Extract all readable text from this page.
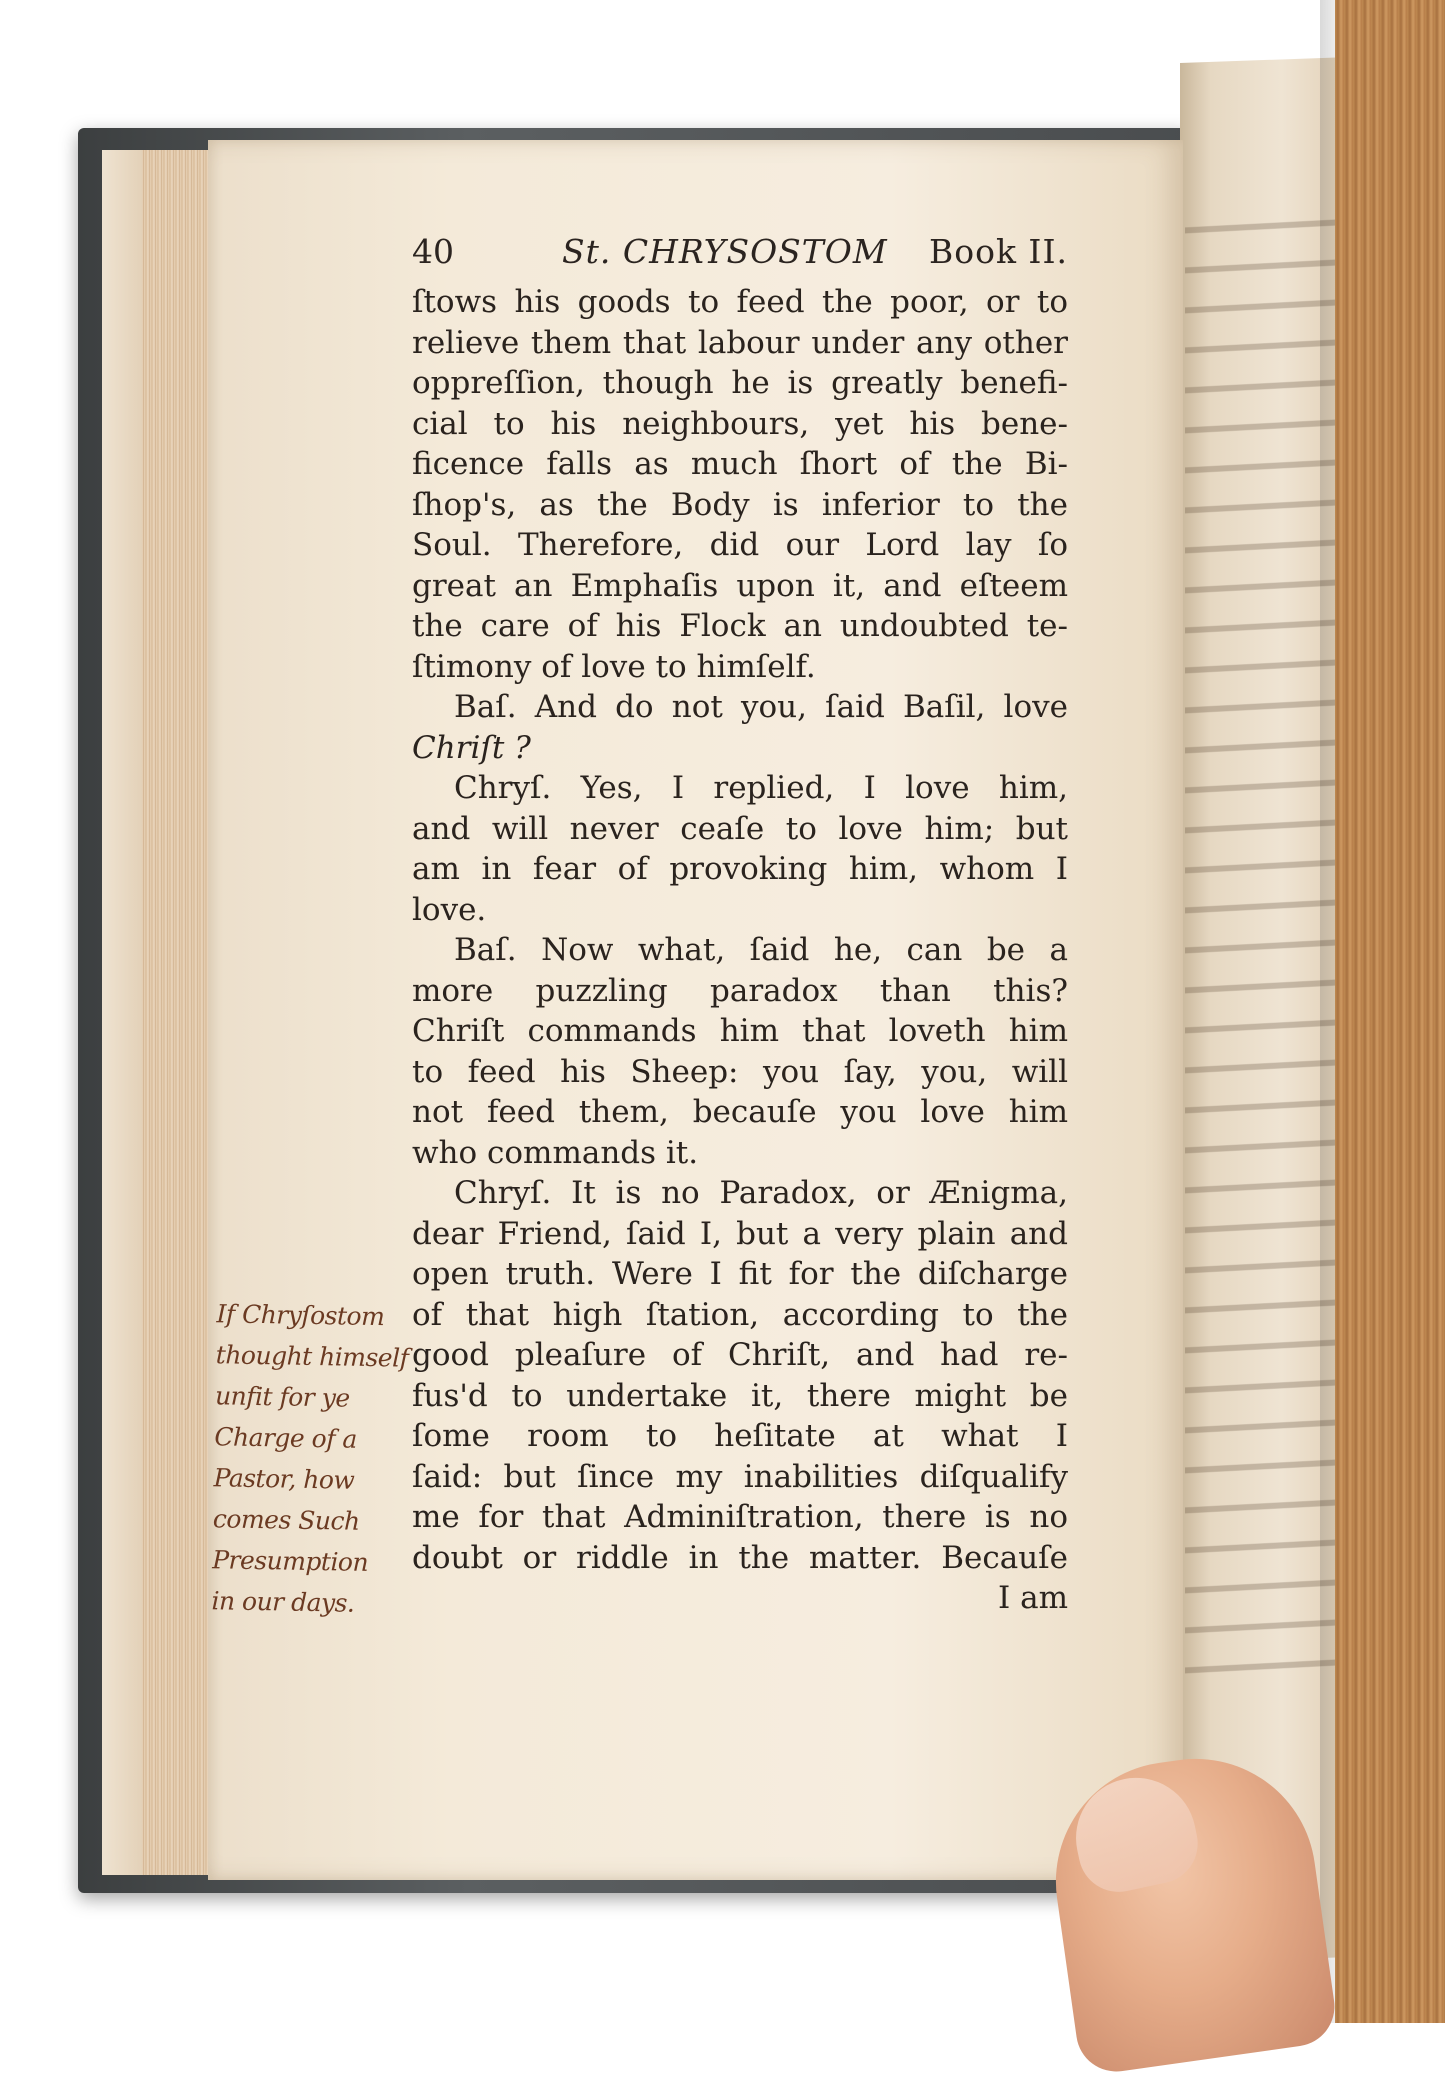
40	St. CHRYSOSTOM Book II.
ſtows his goods to feed the poor, or to
relieve them that labour under any other
oppreſſion, though he is greatly benefi-
cial to his neighbours, yet his bene-
ficence falls as much ſhort of the Bi-
ſhop's, as the Body is inferior to the
Soul. Therefore, did our Lord lay ſo
great an Emphaſis upon it, and eſteem
the care of his Flock an undoubted te-
ſtimony of love to himſelf.
Baſ. And do not you, ſaid Baſil, love
Chriſt ?
Chryſ. Yes, I replied, I love him,
and will never ceaſe to love him; but
am in fear of provoking him, whom I
love.
Baſ. Now what, ſaid he, can be a
more puzzling paradox than this?
Chriſt commands him that loveth him
to feed his Sheep: you ſay, you, will
not feed them, becauſe you love him
who commands it.
Chryſ. It is no Paradox, or Ænigma,
dear Friend, ſaid I, but a very plain and
open truth. Were I fit for the diſcharge
of that high ſtation, according to the
good pleaſure of Chriſt, and had re-
fus'd to undertake it, there might be
ſome room to heſitate at what I
ſaid: but ſince my inabilities diſqualify
me for that Adminiſtration, there is no
doubt or riddle in the matter. Becauſe
I am
If Chryſostom
thought himself
unfit for ye
Charge of a
Pastor, how
comes Such
Presumption
in our days.
